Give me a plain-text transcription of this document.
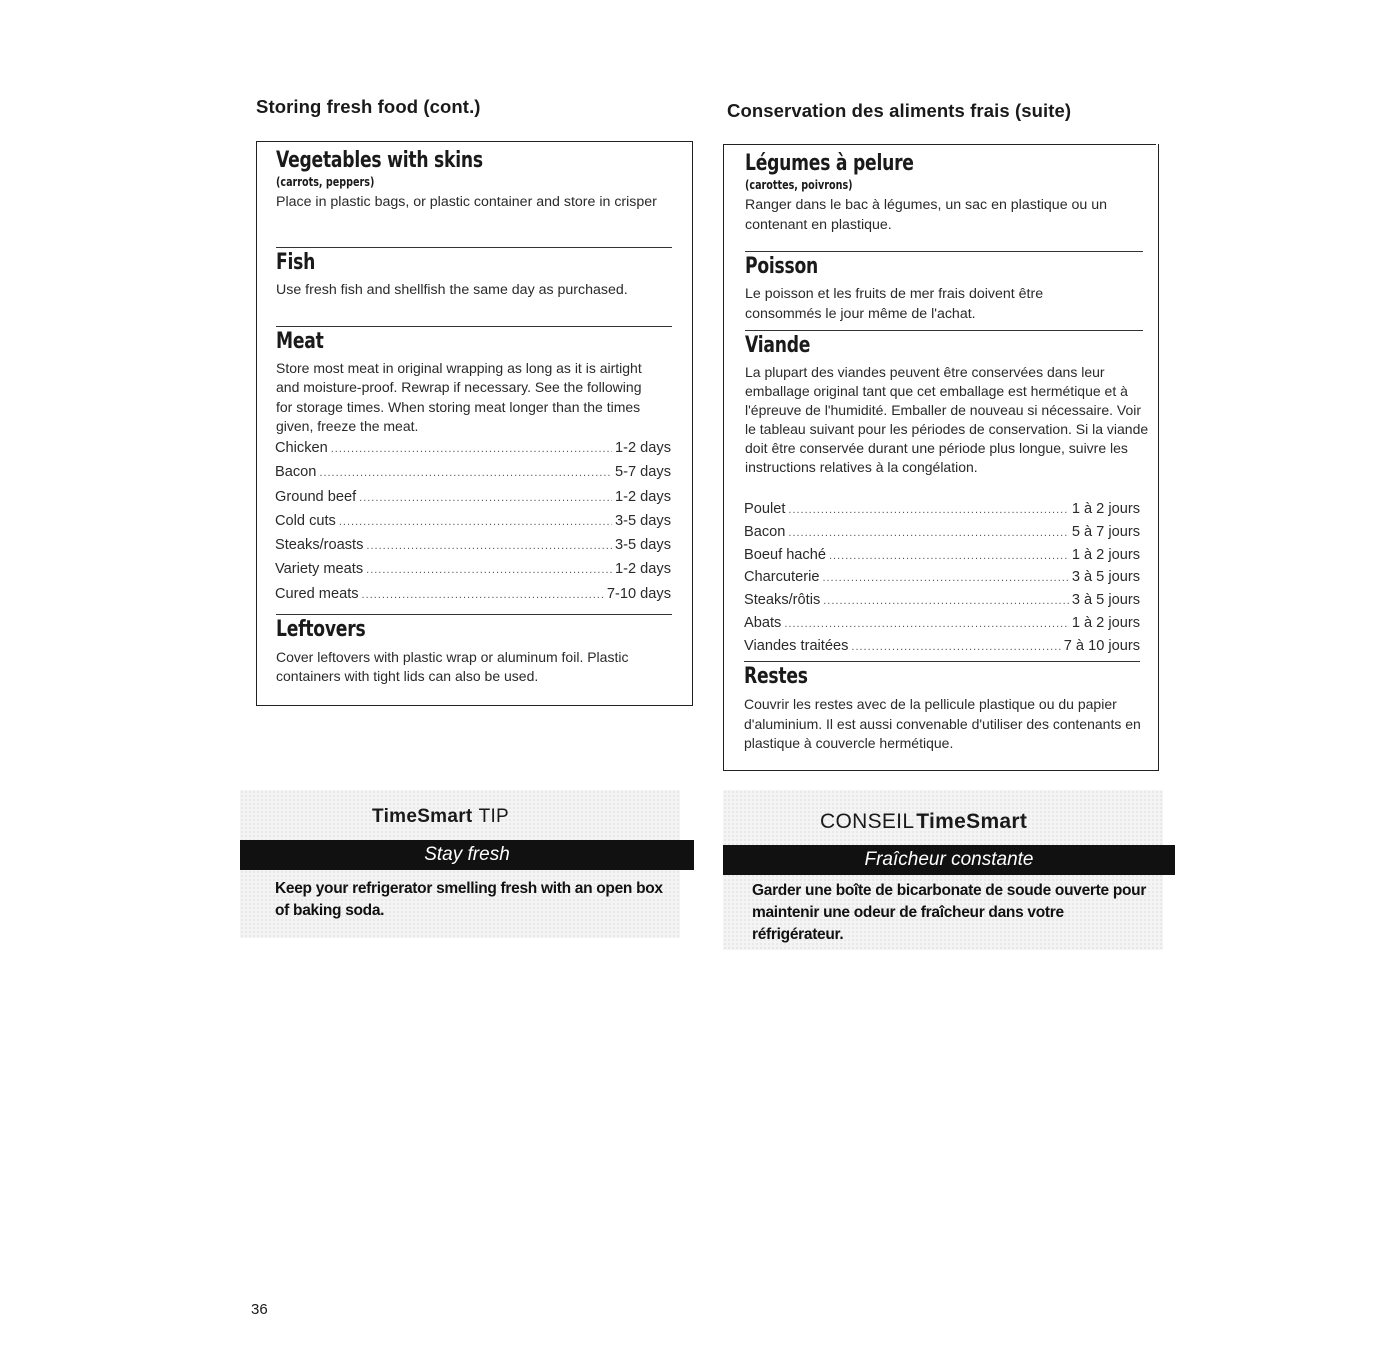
Storing fresh food (cont.)
Vegetables with skins
(carrots, peppers)
Place in plastic bags, or plastic container and store in crisper
Fish
Use fresh fish and shellfish the same day as purchased.
Meat
Store most meat in original wrapping as long as it is airtight and moisture-proof. Rewrap if necessary. See the following for storage times. When storing meat longer than the times given, freeze the meat.
Chicken .....	1-2 days
Bacon .....	5-7 days
Ground beef .....	1-2 days
Cold cuts .....	3-5 days
Steaks/roasts .....	3-5 days
Variety meats .....	1-2 days
Cured meats .....	7-10 days
Leftovers
Cover leftovers with plastic wrap or aluminum foil. Plastic containers with tight lids can also be used.
TimeSmart TIP
Stay fresh
Keep your refrigerator smelling fresh with an open box of baking soda.
Conservation des aliments frais (suite)
Légumes à pelure
(carottes, poivrons)
Ranger dans le bac à légumes, un sac en plastique ou un contenant en plastique.
Poisson
Le poisson et les fruits de mer frais doivent être consommés le jour même de l'achat.
Viande
La plupart des viandes peuvent être conservées dans leur emballage original tant que cet emballage est hermétique et à l'épreuve de l'humidité. Emballer de nouveau si nécessaire. Voir le tableau suivant pour les périodes de conservation. Si la viande doit être conservée durant une période plus longue, suivre les instructions relatives à la congélation.
Poulet .....	1 à 2 jours
Bacon .....	5 à 7 jours
Boeuf haché .....	1 à 2 jours
Charcuterie .....	3 à 5 jours
Steaks/rôtis .....	3 à 5 jours
Abats .....	1 à 2 jours
Viandes traitées .....	7 à 10 jours
Restes
Couvrir les restes avec de la pellicule plastique ou du papier d'aluminium. Il est aussi convenable d'utiliser des contenants en plastique à couvercle hermétique.
CONSEILTimeSmart
Fraîcheur constante
Garder une boîte de bicarbonate de soude ouverte pour maintenir une odeur de fraîcheur dans votre réfrigérateur.
36
